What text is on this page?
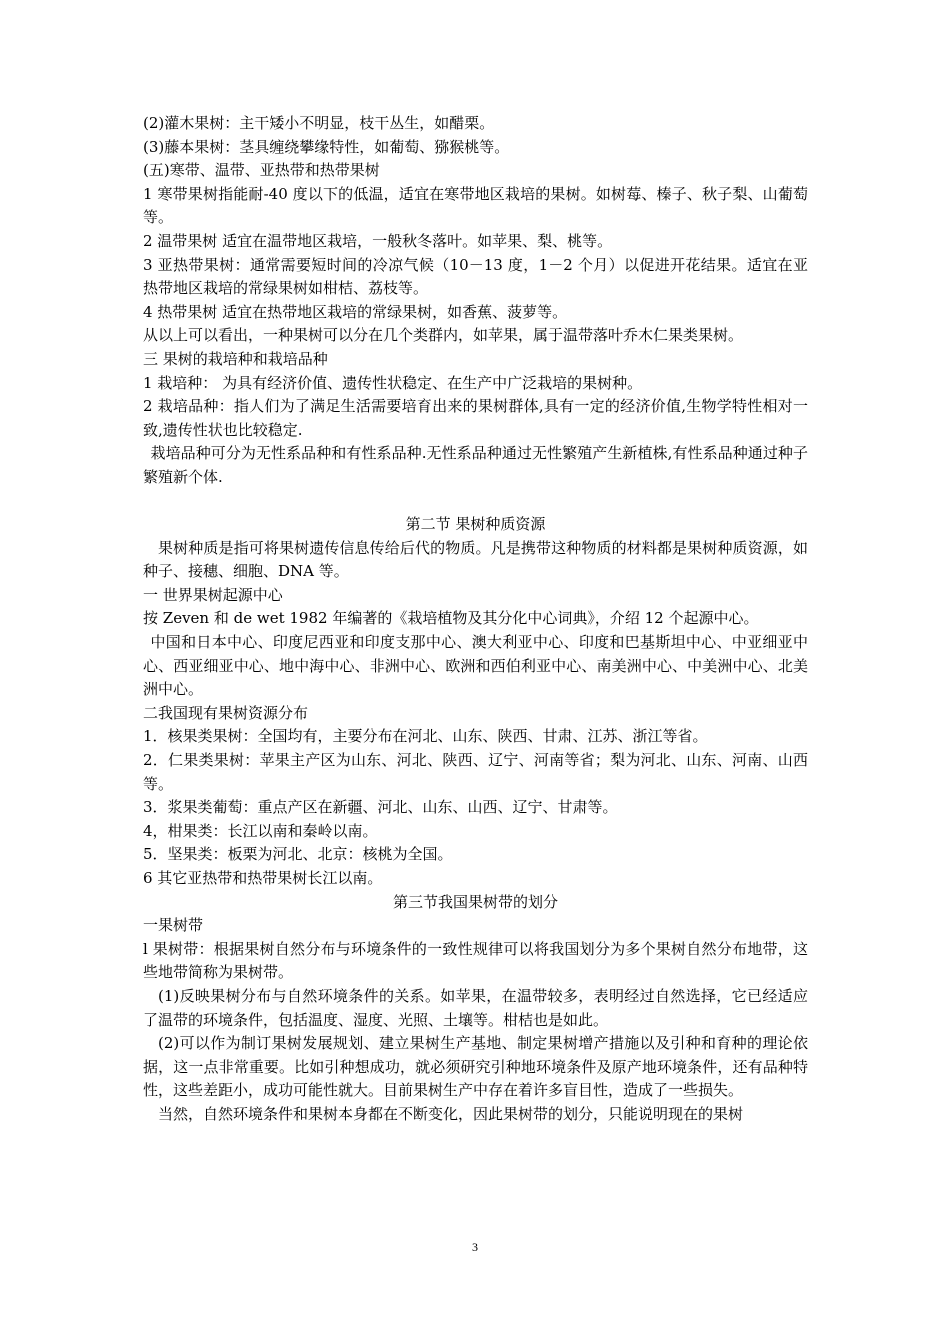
(2)灌木果树：主干矮小不明显，枝干丛生，如醋栗。

(3)藤本果树：茎具缠绕攀缘特性，如葡萄、猕猴桃等。

(五)寒带、温带、亚热带和热带果树

1 寒带果树指能耐-40 度以下的低温，适宜在寒带地区栽培的果树。如树莓、榛子、秋子梨、山葡萄等。

2 温带果树 适宜在温带地区栽培，一般秋冬落叶。如苹果、梨、桃等。

3 亚热带果树：通常需要短时间的冷凉气候（10－13 度，1－2 个月）以促进开花结果。适宜在亚热带地区栽培的常绿果树如柑桔、荔枝等。

4 热带果树 适宜在热带地区栽培的常绿果树，如香蕉、菠萝等。

从以上可以看出，一种果树可以分在几个类群内，如苹果，属于温带落叶乔木仁果类果树。

三 果树的栽培种和栽培品种

1 栽培种： 为具有经济价值、遗传性状稳定、在生产中广泛栽培的果树种。

2 栽培品种：指人们为了满足生活需要培育出来的果树群体,具有一定的经济价值,生物学特性相对一致,遗传性状也比较稳定.

栽培品种可分为无性系品种和有性系品种.无性系品种通过无性繁殖产生新植株,有性系品种通过种子繁殖新个体.

第二节 果树种质资源

果树种质是指可将果树遗传信息传给后代的物质。凡是携带这种物质的材料都是果树种质资源，如种子、接穗、细胞、DNA 等。

一 世界果树起源中心

按 Zeven 和 de wet 1982 年编著的《栽培植物及其分化中心词典》，介绍 12 个起源中心。

中国和日本中心、印度尼西亚和印度支那中心、澳大利亚中心、印度和巴基斯坦中心、中亚细亚中心、西亚细亚中心、地中海中心、非洲中心、欧洲和西伯利亚中心、南美洲中心、中美洲中心、北美洲中心。

二我国现有果树资源分布

1．核果类果树：全国均有，主要分布在河北、山东、陕西、甘肃、江苏、浙江等省。

2．仁果类果树：苹果主产区为山东、河北、陕西、辽宁、河南等省；梨为河北、山东、河南、山西等。

3．浆果类葡萄：重点产区在新疆、河北、山东、山西、辽宁、甘肃等。

4，柑果类：长江以南和秦岭以南。

5．坚果类：板栗为河北、北京：核桃为全国。

6 其它亚热带和热带果树长江以南。

第三节我国果树带的划分

一果树带

l 果树带：根据果树自然分布与环境条件的一致性规律可以将我国划分为多个果树自然分布地带，这些地带简称为果树带。

(1)反映果树分布与自然环境条件的关系。如苹果，在温带较多，表明经过自然选择，它已经适应了温带的环境条件，包括温度、湿度、光照、土壤等。柑桔也是如此。

(2)可以作为制订果树发展规划、建立果树生产基地、制定果树增产措施以及引种和育种的理论依据，这一点非常重要。比如引种想成功，就必须研究引种地环境条件及原产地环境条件，还有品种特性，这些差距小，成功可能性就大。目前果树生产中存在着许多盲目性，造成了一些损失。

当然，自然环境条件和果树本身都在不断变化，因此果树带的划分，只能说明现在的果树

3
